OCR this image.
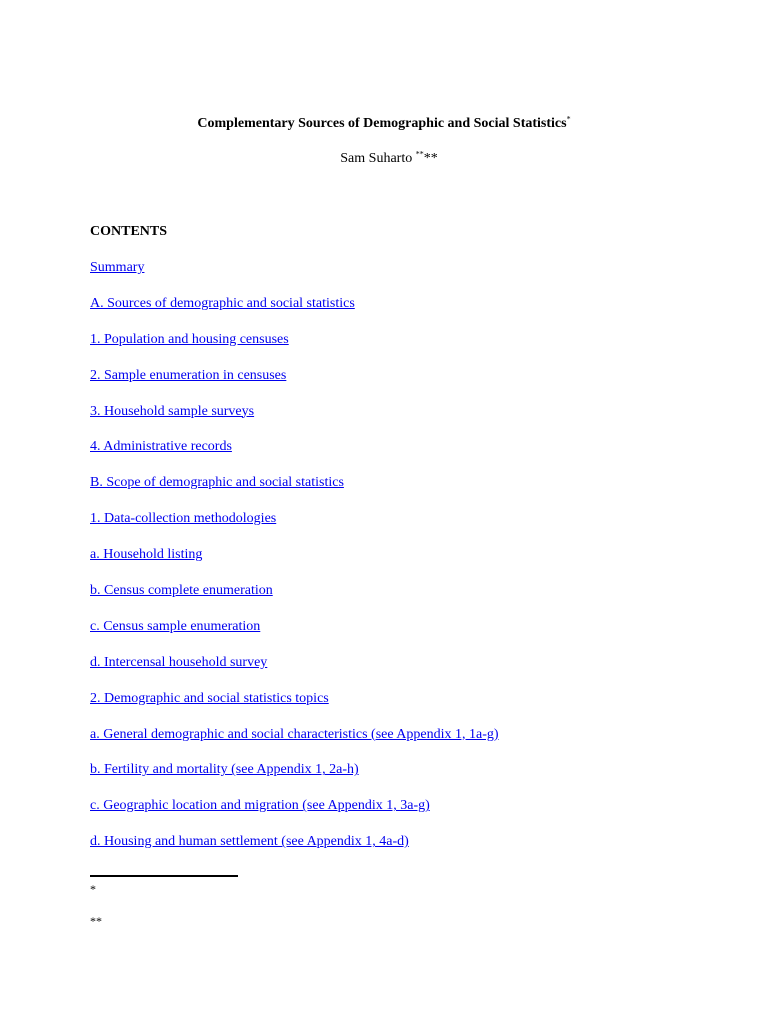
Complementary Sources of Demographic and Social Statistics*
Sam Suharto ****
CONTENTS
Summary
A. Sources of demographic and social statistics
1. Population and housing censuses
2. Sample enumeration in censuses
3. Household sample surveys
4. Administrative records
B. Scope of demographic and social statistics
1. Data-collection methodologies
a. Household listing
b. Census complete enumeration
c. Census sample enumeration
d. Intercensal household survey
2. Demographic and social statistics topics
a. General demographic and social characteristics (see Appendix 1, 1a-g)
b. Fertility and mortality (see Appendix 1, 2a-h)
c. Geographic location and migration (see Appendix 1, 3a-g)
d. Housing and human settlement (see Appendix 1, 4a-d)
*
**
